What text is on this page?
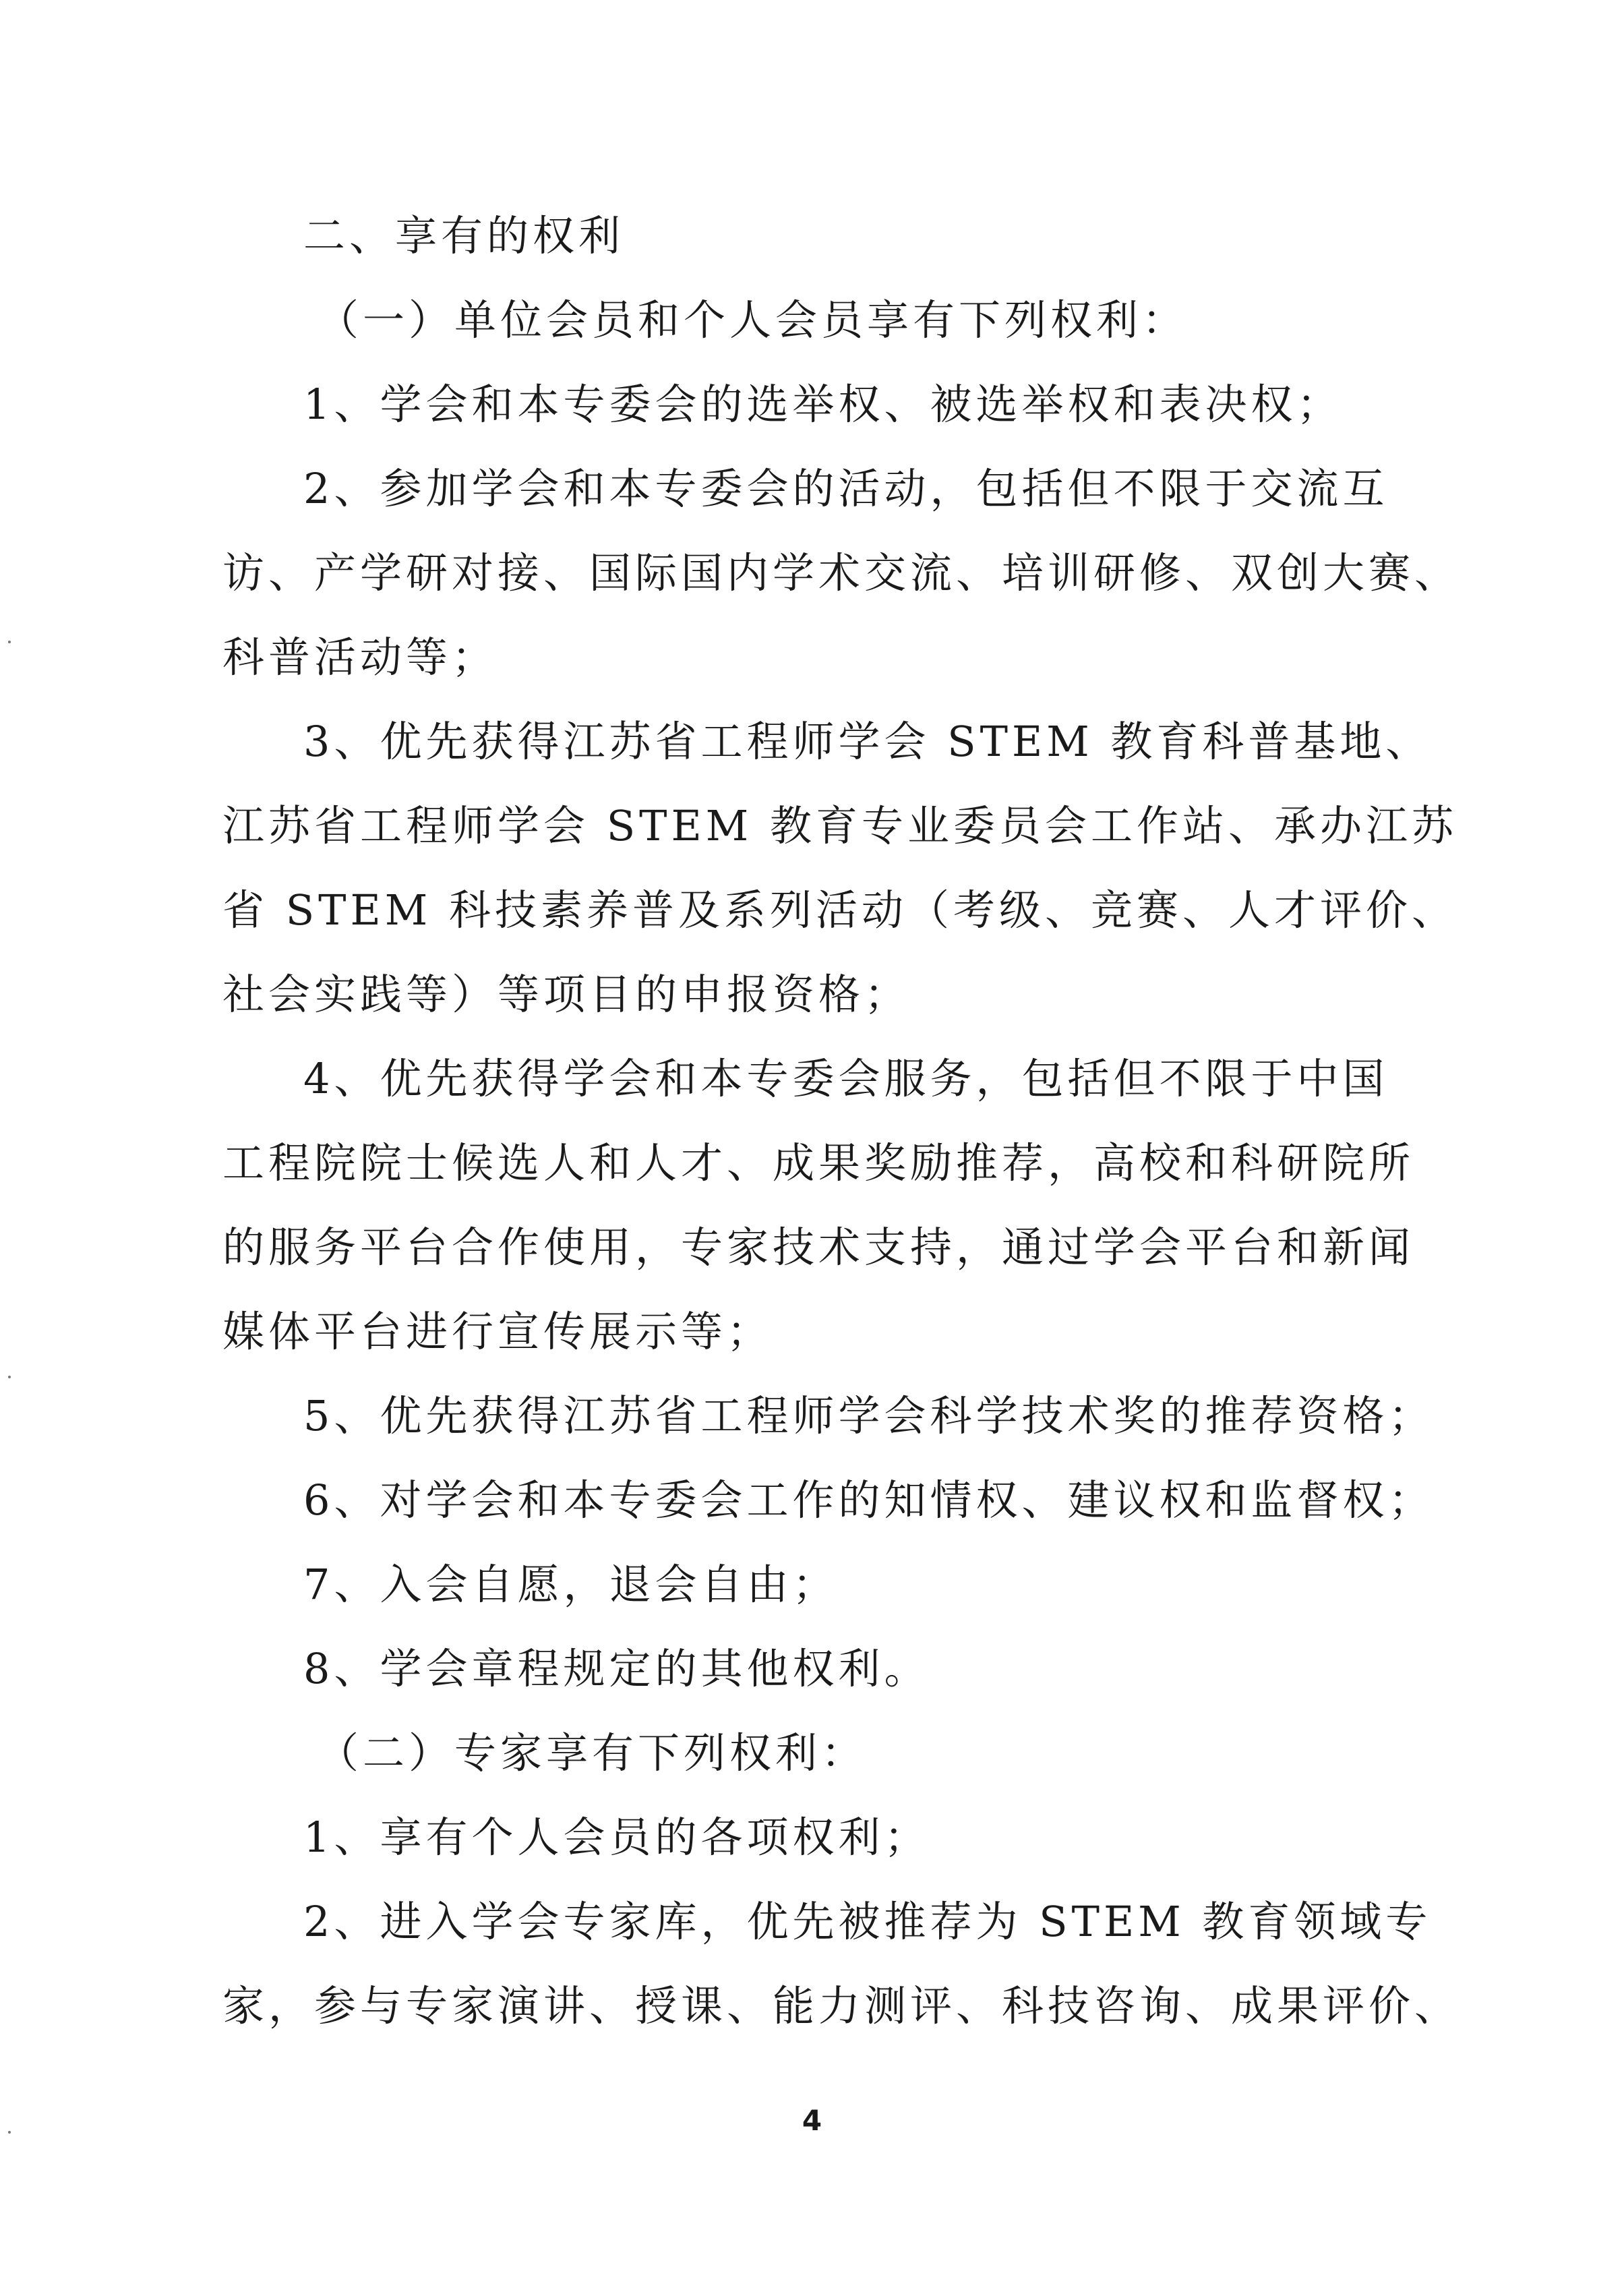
二、享有的权利
（一）单位会员和个人会员享有下列权利：
1、学会和本专委会的选举权、被选举权和表决权；
2、参加学会和本专委会的活动，包括但不限于交流互
访、产学研对接、国际国内学术交流、培训研修、双创大赛、
科普活动等；
3、优先获得江苏省工程师学会 STEM 教育科普基地、
江苏省工程师学会 STEM 教育专业委员会工作站、承办江苏
省 STEM 科技素养普及系列活动（考级、竞赛、人才评价、
社会实践等）等项目的申报资格；
4、优先获得学会和本专委会服务，包括但不限于中国
工程院院士候选人和人才、成果奖励推荐，高校和科研院所
的服务平台合作使用，专家技术支持，通过学会平台和新闻
媒体平台进行宣传展示等；
5、优先获得江苏省工程师学会科学技术奖的推荐资格；
6、对学会和本专委会工作的知情权、建议权和监督权；
7、入会自愿，退会自由；
8、学会章程规定的其他权利。
（二）专家享有下列权利：
1、享有个人会员的各项权利；
2、进入学会专家库，优先被推荐为 STEM 教育领域专
家，参与专家演讲、授课、能力测评、科技咨询、成果评价、
4
